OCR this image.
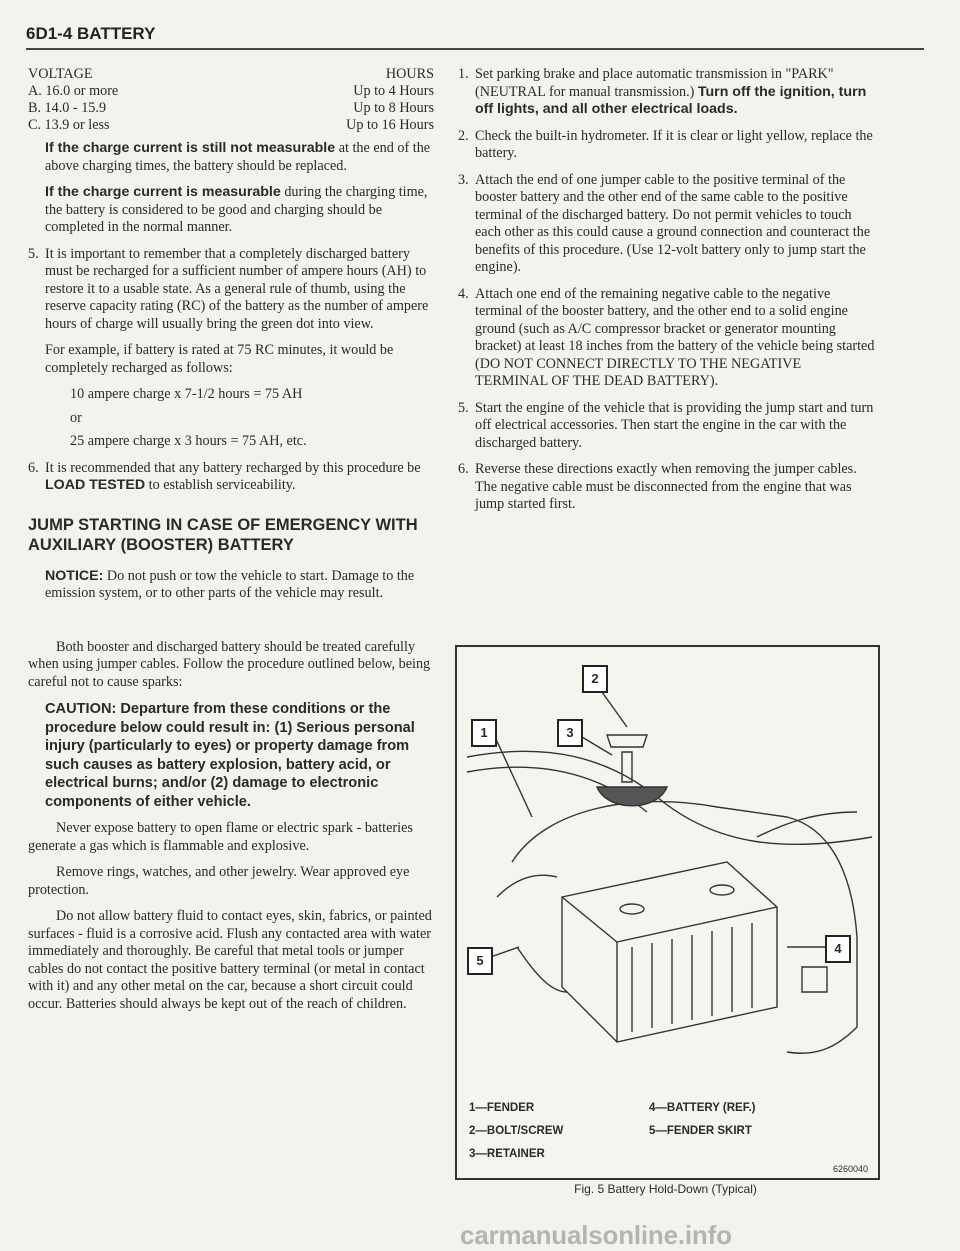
6D1-4 BATTERY
VOLTAGE	HOURS
A. 16.0 or more	Up to 4 Hours
B. 14.0 - 15.9	Up to 8 Hours
C. 13.9 or less	Up to 16 Hours

If the charge current is still not measurable at the end of the above charging times, the battery should be replaced.

If the charge current is measurable during the charging time, the battery is considered to be good and charging should be completed in the normal manner.

5. It is important to remember that a completely discharged battery must be recharged for a sufficient number of ampere hours (AH) to restore it to a usable state. As a general rule of thumb, using the reserve capacity rating (RC) of the battery as the number of ampere hours of charge will usually bring the green dot into view.

For example, if battery is rated at 75 RC minutes, it would be completely recharged as follows:

10 ampere charge x 7-1/2 hours = 75 AH

or

25 ampere charge x 3 hours = 75 AH, etc.

6. It is recommended that any battery recharged by this procedure be LOAD TESTED to establish serviceability.
JUMP STARTING IN CASE OF EMERGENCY WITH AUXILIARY (BOOSTER) BATTERY

NOTICE: Do not push or tow the vehicle to start. Damage to the emission system, or to other parts of the vehicle may result.

Both booster and discharged battery should be treated carefully when using jumper cables. Follow the procedure outlined below, being careful not to cause sparks:

CAUTION: Departure from these conditions or the procedure below could result in: (1) Serious personal injury (particularly to eyes) or property damage from such causes as battery explosion, battery acid, or electrical burns; and/or (2) damage to electronic components of either vehicle.

Never expose battery to open flame or electric spark - batteries generate a gas which is flammable and explosive.

Remove rings, watches, and other jewelry. Wear approved eye protection.

Do not allow battery fluid to contact eyes, skin, fabrics, or painted surfaces - fluid is a corrosive acid. Flush any contacted area with water immediately and thoroughly. Be careful that metal tools or jumper cables do not contact the positive battery terminal (or metal in contact with it) and any other metal on the car, because a short circuit could occur. Batteries should always be kept out of the reach of children.

1. Set parking brake and place automatic transmission in "PARK" (NEUTRAL for manual transmission.) Turn off the ignition, turn off lights, and all other electrical loads.
2. Check the built-in hydrometer. If it is clear or light yellow, replace the battery.
3. Attach the end of one jumper cable to the positive terminal of the booster battery and the other end of the same cable to the positive terminal of the discharged battery. Do not permit vehicles to touch each other as this could cause a ground connection and counteract the benefits of this procedure. (Use 12-volt battery only to jump start the engine).
4. Attach one end of the remaining negative cable to the negative terminal of the booster battery, and the other end to a solid engine ground (such as A/C compressor bracket or generator mounting bracket) at least 18 inches from the battery of the vehicle being started (DO NOT CONNECT DIRECTLY TO THE NEGATIVE TERMINAL OF THE DEAD BATTERY).
5. Start the engine of the vehicle that is providing the jump start and turn off electrical accessories. Then start the engine in the car with the discharged battery.
6. Reverse these directions exactly when removing the jumper cables. The negative cable must be disconnected from the engine that was jump started first.
2
1	3
5
4
1—FENDER	4—BATTERY (REF.)
2—BOLT/SCREW	5—FENDER SKIRT
3—RETAINER
6260040
Fig. 5 Battery Hold-Down (Typical)
carmanualsonline.info
